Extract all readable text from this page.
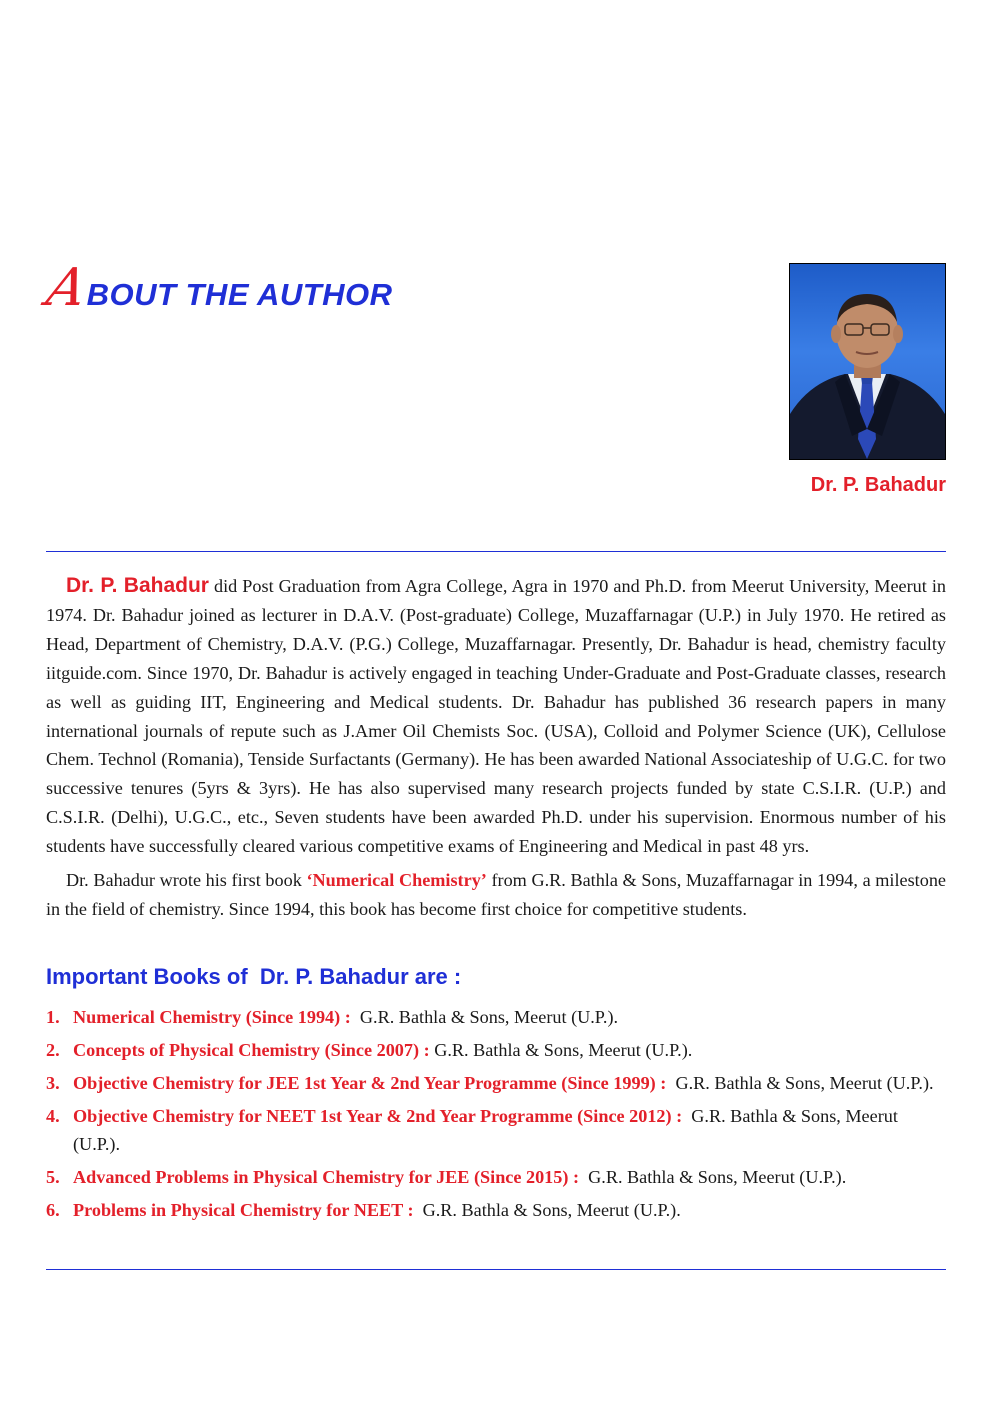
A
BOUT THE AUTHOR
Dr. P. Bahadur

Dr. P. Bahadur did Post Graduation from Agra College, Agra in 1970 and Ph.D. from Meerut University, Meerut in 1974. Dr. Bahadur joined as lecturer in D.A.V. (Post-graduate) College, Muzaffarnagar (U.P.) in July 1970. He retired as Head, Department of Chemistry, D.A.V. (P.G.) College, Muzaffarnagar. Presently, Dr. Bahadur is head, chemistry faculty iitguide.com. Since 1970, Dr. Bahadur is actively engaged in teaching Under-Graduate and Post-Graduate classes, research as well as guiding IIT, Engineering and Medical students. Dr. Bahadur has published 36 research papers in many international journals of repute such as J.Amer Oil Chemists Soc. (USA), Colloid and Polymer Science (UK), Cellulose Chem. Technol (Romania), Tenside Surfactants (Germany). He has been awarded National Associateship of U.G.C. for two successive tenures (5yrs & 3yrs). He has also supervised many research projects funded by state C.S.I.R. (U.P.) and C.S.I.R. (Delhi), U.G.C., etc., Seven students have been awarded Ph.D. under his supervision. Enormous number of his students have successfully cleared various competitive exams of Engineering and Medical in past 48 yrs.

Dr. Bahadur wrote his first book ‘Numerical Chemistry’ from G.R. Bathla & Sons, Muzaffarnagar in 1994, a milestone in the field of chemistry. Since 1994, this book has become first choice for competitive students.

Important Books of  Dr. P. Bahadur are :
1. Numerical Chemistry (Since 1994) :  G.R. Bathla & Sons, Meerut (U.P.).
2. Concepts of Physical Chemistry (Since 2007) : G.R. Bathla & Sons, Meerut (U.P.).
3. Objective Chemistry for JEE 1st Year & 2nd Year Programme (Since 1999) :  G.R. Bathla & Sons, Meerut (U.P.).
4. Objective Chemistry for NEET 1st Year & 2nd Year Programme (Since 2012) :  G.R. Bathla & Sons, Meerut (U.P.).
5. Advanced Problems in Physical Chemistry for JEE (Since 2015) :  G.R. Bathla & Sons, Meerut (U.P.).
6. Problems in Physical Chemistry for NEET :  G.R. Bathla & Sons, Meerut (U.P.).
